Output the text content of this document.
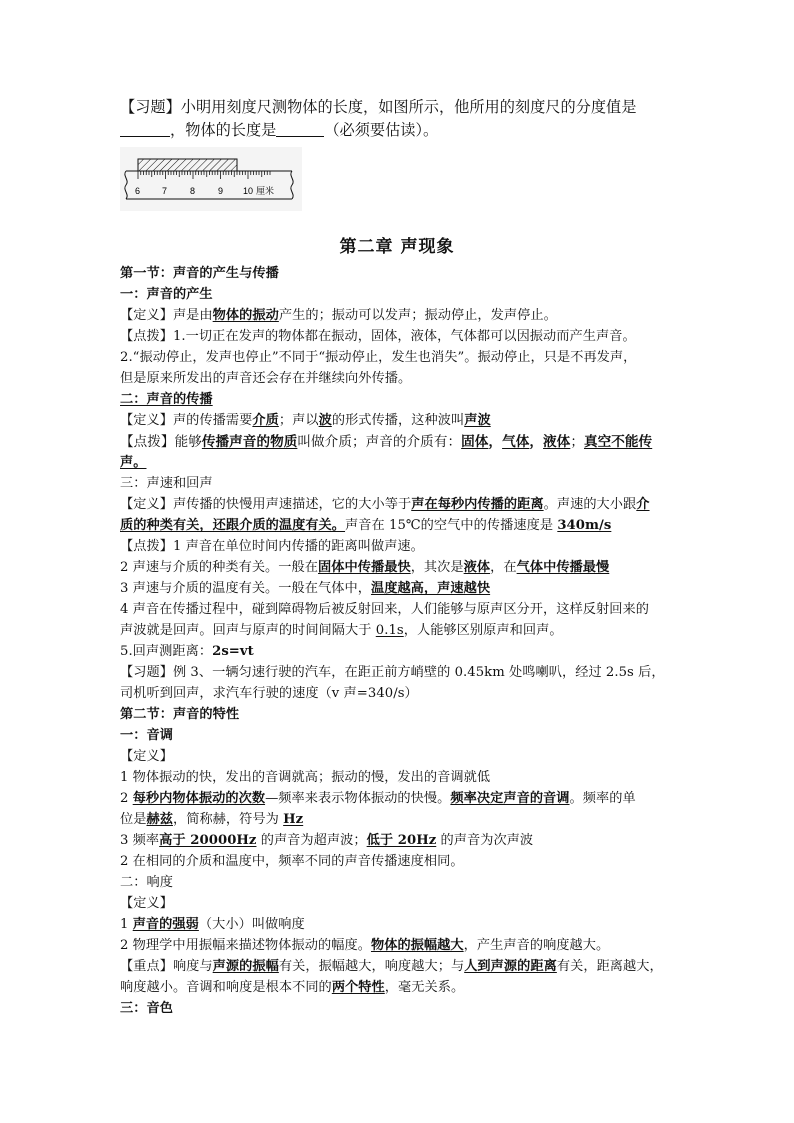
【习题】小明用刻度尺测物体的长度，如图所示，他所用的刻度尺的分度值是
，物体的长度是	（必须要估读）。
6 7	8	9 10 厘米
第二章 声现象
第一节：声音的产生与传播
一：声音的产生
【定义】声是由物体的振动产生的；振动可以发声；振动停止，发声停止。
【点拨】1.一切正在发声的物体都在振动，固体，液体，气体都可以因振动而产生声音。
2.“振动停止，发声也停止”不同于“振动停止，发生也消失”。振动停止，只是不再发声，
但是原来所发出的声音还会存在并继续向外传播。
二：声音的传播
【定义】声的传播需要介质；声以波的形式传播，这种波叫声波
【点拨】能够传播声音的物质叫做介质；声音的介质有：固体，气体，液体；真空不能传
声。
三：声速和回声
【定义】声传播的快慢用声速描述，它的大小等于声在每秒内传播的距离。声速的大小跟介
质的种类有关，还跟介质的温度有关。声音在 15℃的空气中的传播速度是 340m/s
【点拨】1 声音在单位时间内传播的距离叫做声速。
2 声速与介质的种类有关。一般在固体中传播最快，其次是液体，在气体中传播最慢
3 声速与介质的温度有关。一般在气体中，温度越高，声速越快
4 声音在传播过程中，碰到障碍物后被反射回来，人们能够与原声区分开，这样反射回来的
声波就是回声。回声与原声的时间间隔大于 0.1s，人能够区别原声和回声。
5.回声测距离：2s=vt
【习题】例 3、一辆匀速行驶的汽车，在距正前方峭壁的 0.45km 处鸣喇叭，经过 2.5s 后，
司机听到回声，求汽车行驶的速度（v 声=340/s）
第二节：声音的特性
一：音调
【定义】
1 物体振动的快，发出的音调就高；振动的慢，发出的音调就低
2 每秒内物体振动的次数—频率来表示物体振动的快慢。频率决定声音的音调。频率的单
位是赫兹，简称赫，符号为 Hz
3 频率高于 20000Hz 的声音为超声波；低于 20Hz 的声音为次声波
2 在相同的介质和温度中，频率不同的声音传播速度相同。
二：响度
【定义】
1 声音的强弱（大小）叫做响度
2 物理学中用振幅来描述物体振动的幅度。物体的振幅越大，产生声音的响度越大。
【重点】响度与声源的振幅有关，振幅越大，响度越大；与人到声源的距离有关，距离越大，
响度越小。音调和响度是根本不同的两个特性，毫无关系。
三：音色
